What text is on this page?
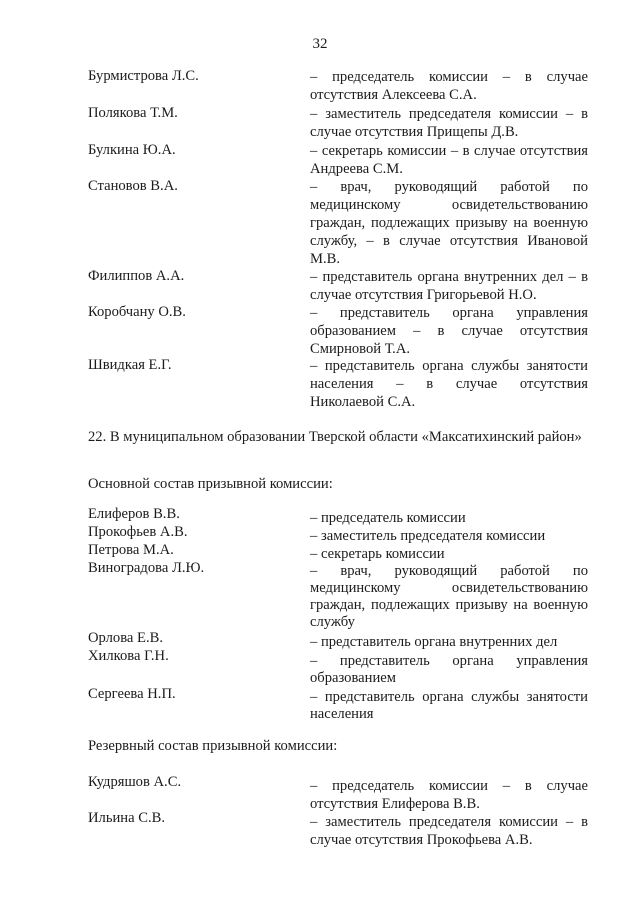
32
Бурмистрова Л.С.	– председатель комиссии – в случае отсутствия Алексеева С.А.
Полякова Т.М.	– заместитель председателя комиссии – в случае отсутствия Прищепы Д.В.
Булкина Ю.А.	– секретарь комиссии – в случае отсутствия Андреева С.М.
Становов В.А.	– врач, руководящий работой по медицинскому освидетельствованию граждан, подлежащих призыву на военную службу, – в случае отсутствия Ивановой М.В.
Филиппов А.А.	– представитель органа внутренних дел – в случае отсутствия Григорьевой Н.О.
Коробчану О.В.	– представитель органа управления образованием – в случае отсутствия Смирновой Т.А.
Швидкая Е.Г.	– представитель органа службы занятости населения – в случае отсутствия Николаевой С.А.
22. В муниципальном образовании Тверской области «Максатихинский район»
Основной состав призывной комиссии:
Елиферов В.В.	– председатель комиссии
Прокофьев А.В.	– заместитель председателя комиссии
Петрова М.А.	– секретарь комиссии
Виноградова Л.Ю.	– врач, руководящий работой по медицинскому освидетельствованию граждан, подлежащих призыву на военную службу
Орлова Е.В.	– представитель органа внутренних дел
Хилкова Г.Н.	– представитель органа управления образованием
Сергеева Н.П.	– представитель органа службы занятости населения
Резервный состав призывной комиссии:
Кудряшов А.С.	– председатель комиссии – в случае отсутствия Елиферова В.В.
Ильина С.В.	– заместитель председателя комиссии – в случае отсутствия Прокофьева А.В.
